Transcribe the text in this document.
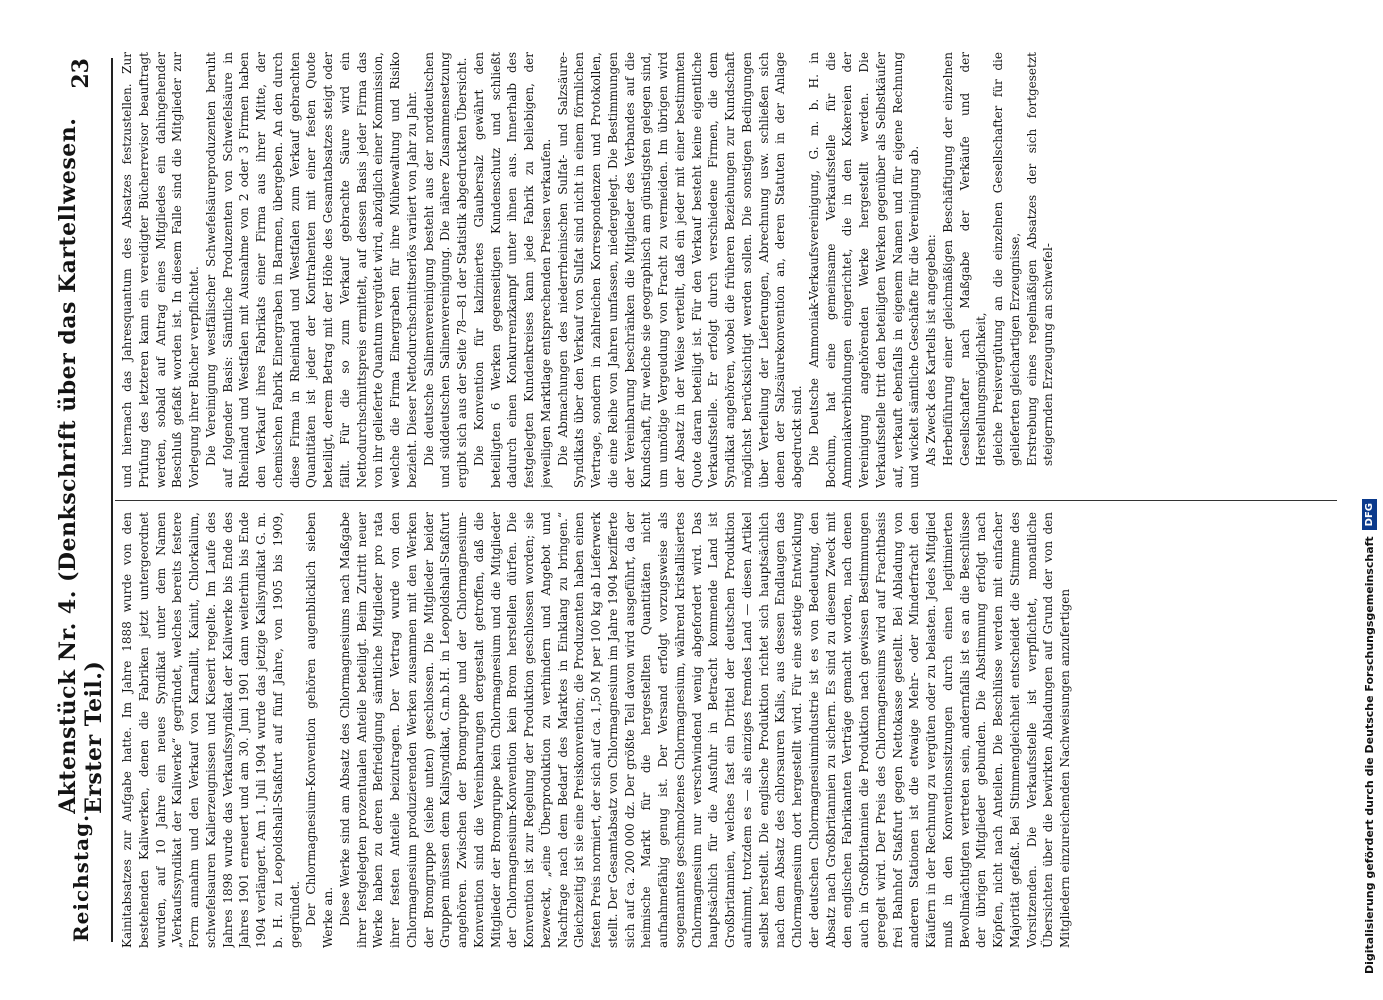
Reichstag.
Aktenstück Nr. 4. (Denkschrift über das Kartellwesen. Erster Teil.)
23

Kainitabsatzes zur Aufgabe hatte. Im Jahre 1888 wurde von den bestehenden Kaliwerken, denen die Fabriken jetzt untergeordnet wurden, auf 10 Jahre ein neues Syndikat unter dem Namen „Verkaufssyndikat der Kaliwerke“ gegründet, welches bereits festere Form annahm und den Verkauf von Karnallit, Kainit, Chlorkalium, schwefelsauren Kalierzeugnissen und Kieserit regelte. Im Laufe des Jahres 1898 wurde das Verkaufssyndikat der Kaliwerke bis Ende des Jahres 1901 erneuert und am 30. Juni 1901 dann weiterhin bis Ende 1904 verlängert. Am 1. Juli 1904 wurde das jetzige Kalisyndikat G. m. b. H. zu Leopoldshall-Staßfurt auf fünf Jahre, von 1905 bis 1909, gegründet. Der Chlormagnesium-Konvention gehören augenblicklich sieben Werke an. Diese Werke sind am Absatz des Chlormagnesiums nach Maßgabe ihrer festgelegten prozentualen Anteile beteiligt. Beim Zutritt neuer Werke haben zu deren Befriedigung sämtliche Mitglieder pro rata ihrer festen Anteile beizutragen. Der Vertrag wurde von den Chlormagnesium produzierenden Werken zusammen mit den Werken der Bromgruppe (siehe unten) geschlossen. Die Mitglieder beider Gruppen müssen dem Kalisyndikat, G.m.b.H. in Leopoldshall-Staßfurt angehören. Zwischen der Bromgruppe und der Chlormagnesium-Konvention sind die Vereinbarungen dergestalt getroffen, daß die Mitglieder der Bromgruppe kein Chlormagnesium und die Mitglieder der Chlormagnesium-Konvention kein Brom herstellen dürfen. Die Konvention ist zur Regelung der Produktion geschlossen worden; sie bezweckt, „eine Überproduktion zu verhindern und Angebot und Nachfrage nach dem Bedarf des Marktes in Einklang zu bringen.“ Gleichzeitig ist sie eine Preiskonvention; die Produzenten haben einen festen Preis normiert, der sich auf ca. 1,50 M per 100 kg ab Lieferwerk stellt. Der Gesamtabsatz von Chlormagnesium im Jahre 1904 bezifferte sich auf ca. 200 000 dz. Der größte Teil davon wird ausgeführt, da der heimische Markt für die hergestellten Quantitäten nicht aufnahmefähig genug ist. Der Versand erfolgt vorzugsweise als sogenanntes geschmolzenes Chlormagnesium, während kristallisiertes Chlormagnesium nur verschwindend wenig abgefordert wird. Das hauptsächlich für die Ausfuhr in Betracht kommende Land ist Großbritannien, welches fast ein Drittel der deutschen Produktion aufnimmt, trotzdem es — als einziges fremdes Land — diesen Artikel selbst herstellt. Die englische Produktion richtet sich hauptsächlich nach dem Absatz des chlorsauren Kalis, aus dessen Endlaugen das Chlormagnesium dort hergestellt wird. Für eine stetige Entwicklung der deutschen Chlormagnesiumindustrie ist es von Bedeutung, den Absatz nach Großbritannien zu sichern. Es sind zu diesem Zweck mit den englischen Fabrikanten Verträge gemacht worden, nach denen auch in Großbritannien die Produktion nach gewissen Bestimmungen geregelt wird. Der Preis des Chlormagnesiums wird auf Frachtbasis frei Bahnhof Staßfurt gegen Nettokasse gestellt. Bei Abladung von anderen Stationen ist die etwaige Mehr- oder Minderfracht den Käufern in der Rechnung zu vergüten oder zu belasten. Jedes Mitglied muß in den Konventionssitzungen durch einen legitimierten Bevollmächtigten vertreten sein, andernfalls ist es an die Beschlüsse der übrigen Mitglieder gebunden. Die Abstimmung erfolgt nach Köpfen, nicht nach Anteilen. Die Beschlüsse werden mit einfacher Majorität gefaßt. Bei Stimmengleichheit entscheidet die Stimme des Vorsitzenden. Die Verkaufsstelle ist verpflichtet, monatliche Übersichten über die bewirkten Abladungen auf Grund der von den Mitgliedern einzureichenden Nachweisungen anzufertigen

und hiernach das Jahresquantum des Absatzes festzustellen. Zur Prüfung des letzteren kann ein vereidigter Bücherrevisor beauftragt werden, sobald auf Antrag eines Mitgliedes ein dahingehender Beschluß gefaßt worden ist. In diesem Falle sind die Mitglieder zur Vorlegung ihrer Bücher verpflichtet. Die Vereinigung westfälischer Schwefelsäureproduzenten beruht auf folgender Basis: Sämtliche Produzenten von Schwefelsäure in Rheinland und Westfalen mit Ausnahme von 2 oder 3 Firmen haben den Verkauf ihres Fabrikats einer Firma aus ihrer Mitte, der chemischen Fabrik Einergraben in Barmen, übergeben. An den durch diese Firma in Rheinland und Westfalen zum Verkauf gebrachten Quantitäten ist jeder der Kontrahenten mit einer festen Quote beteiligt, derem Betrag mit der Höhe des Gesamtabsatzes steigt oder fällt. Für die so zum Verkauf gebrachte Säure wird ein Nettodurchschnittspreis ermittelt, auf dessen Basis jeder Firma das von ihr gelieferte Quantum vergütet wird, abzüglich einer Kommission, welche die Firma Einergraben für ihre Mühewaltung und Risiko bezieht. Dieser Nettodurchschnittserlös variiert von Jahr zu Jahr. Die deutsche Salinenvereinigung besteht aus der norddeutschen und süddeutschen Salinenvereinigung. Die nähere Zusammensetzung ergibt sich aus der Seite 78—81 der Statistik abgedruckten Übersicht. Die Konvention für kalziniertes Glaubersalz gewährt den beteiligten 6 Werken gegenseitigen Kundenschutz und schließt dadurch einen Konkurrenzkampf unter ihnen aus. Innerhalb des festgelegten Kundenkreises kann jede Fabrik zu beliebigen, der jeweiligen Marktlage entsprechenden Preisen verkaufen. Die Abmachungen des niederrheinischen Sulfat- und Salzsäure-Syndikats über den Verkauf von Sulfat sind nicht in einem förmlichen Vertrage, sondern in zahlreichen Korrespondenzen und Protokollen, die eine Reihe von Jahren umfassen, niedergelegt. Die Bestimmungen der Vereinbarung beschränken die Mitglieder des Verbandes auf die Kundschaft, für welche sie geographisch am günstigsten gelegen sind, um unnötige Vergeudung von Fracht zu vermeiden. Im übrigen wird der Absatz in der Weise verteilt, daß ein jeder mit einer bestimmten Quote daran beteiligt ist. Für den Verkauf besteht keine eigentliche Verkaufsstelle. Er erfolgt durch verschiedene Firmen, die dem Syndikat angehören, wobei die früheren Beziehungen zur Kundschaft möglichst berücksichtigt werden sollen. Die sonstigen Bedingungen über Verteilung der Lieferungen, Abrechnung usw. schließen sich denen der Salzsäurekonvention an, deren Statuten in der Anlage abgedruckt sind. Die Deutsche Ammoniak-Verkaufsvereinigung, G. m. b. H. in Bochum, hat eine gemeinsame Verkaufsstelle für die Ammoniakverbindungen eingerichtet, die in den Kokereien der Vereinigung angehörenden Werke hergestellt werden. Die Verkaufsstelle tritt den beteiligten Werken gegenüber als Selbstkäufer auf, verkauft ebenfalls in eigenem Namen und für eigene Rechnung und wickelt sämtliche Geschäfte für die Vereinigung ab. Als Zweck des Kartells ist angegeben: Herbeiführung einer gleichmäßigen Beschäftigung der einzelnen Gesellschafter nach Maßgabe der Verkäufe und der Herstellungsmöglichkeit, gleiche Preisvergütung an die einzelnen Gesellschafter für die gelieferten gleichartigen Erzeugnisse, Erstrebung eines regelmäßigen Absatzes der sich fortgesetzt steigernden Erzeugung an schwefel-
Digitalisierung gefördert durch die Deutsche Forschungsgemeinschaft
DFG
